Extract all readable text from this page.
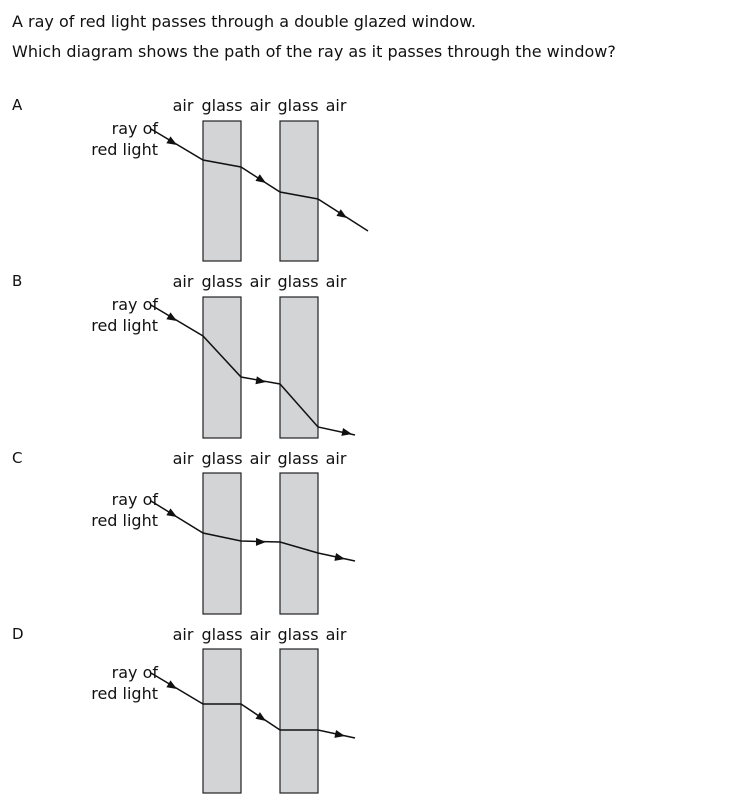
A ray of red light passes through a double glazed window.
Which diagram shows the path of the ray as it passes through the window?
A	air glass air glass air
ray of
red light
B	air glass air glass air
ray of
red light
C	air glass air glass air
ray of
red light
D	air glass air glass air
ray of
red light
